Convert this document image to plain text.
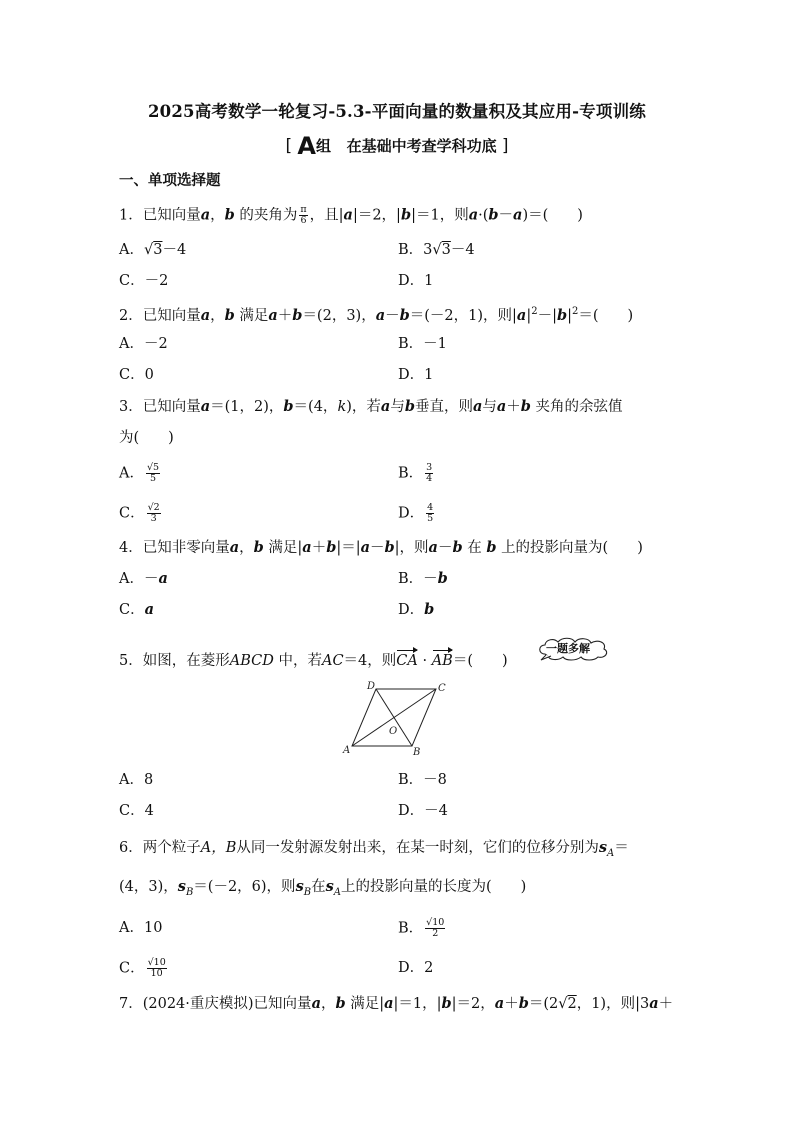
2025高考数学一轮复习-5.3-平面向量的数量积及其应用-专项训练
[ A组 在基础中考查学科功底 ]
一、单项选择题
1．已知向量a，b 的夹角为 $\frac{\pi}{6}$ ，且|a|＝2，|b|＝1，则a·(b－a)＝(　　)
A．√3－4	B．3√3－4
C．－2	D．1
2．已知向量a，b 满足a＋b＝(2，3)，a－b＝(－2，1)，则$|a|^2-|b|^2=$(　　)
A．－2	B．－1
C．0	D．1
3．已知向量a＝(1，2)，b＝(4，k)，若a与b垂直，则a与a＋b 夹角的余弦值
为(　　)
A． $\frac{√5}{5}$	B． $\frac{3}{4}$
C． $\frac{√2}{3}$	D． $\frac{4}{5}$
4．已知非零向量a，b 满足|a＋b|＝|a－b|，则a－b 在 b 上的投影向量为(　　)
A．－a	B．－b
C．a	D．b
5．如图，在菱形ABCD 中，若AC＝4，则CA · AB＝(　　)
一题多解
A	B
C
D
O
A．8	B．－8
C．4	D．－4
6．两个粒子A，B从同一发射源发射出来，在某一时刻，它们的位移分别为$s_A=$
(4，3)，$s_B=(-2$，6)，则$s_B$在$s_A$上的投影向量的长度为(　　)
A．10	B． $\frac{√10}{2}$
C． $\frac{√10}{10}$	D．2
7．(2024·重庆模拟)已知向量a，b 满足|a|＝1，|b|＝2，a＋b＝(2√2，1)，则|3a＋
